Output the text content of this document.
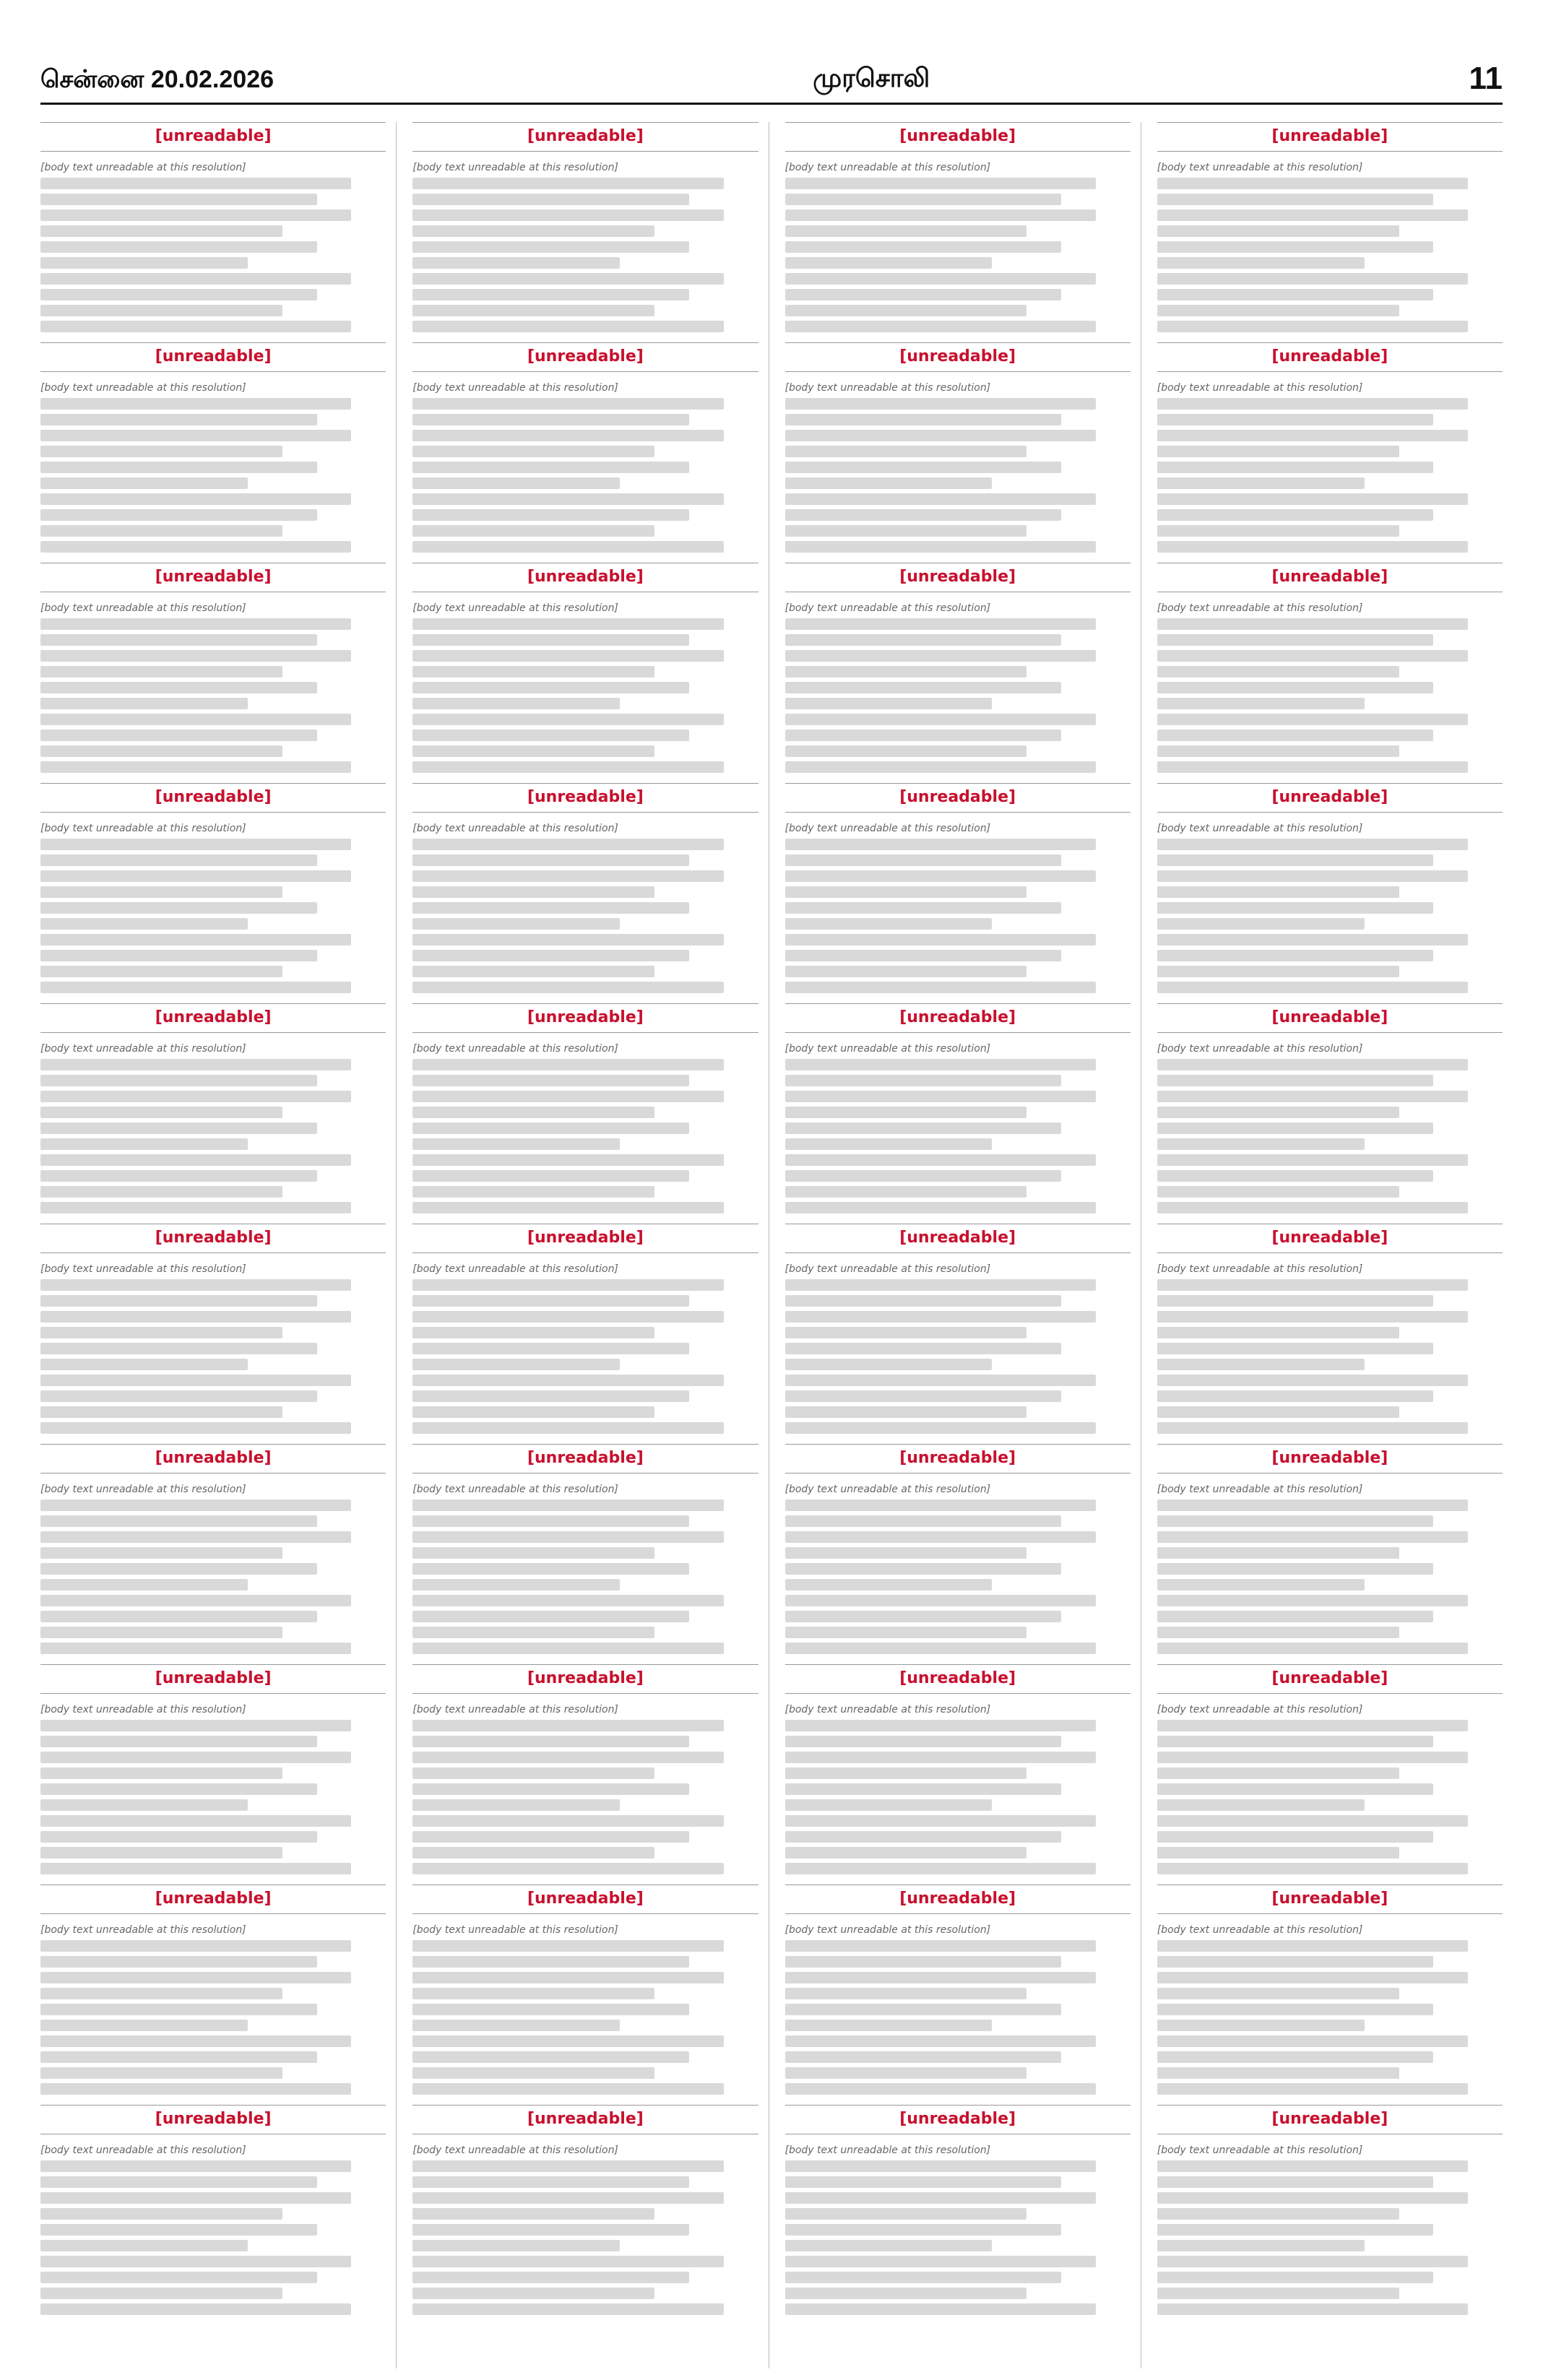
சென்னை 20.02.2026	முரசொலி	11
[unreadable]
[body text unreadable at this resolution]
[unreadable]
[body text unreadable at this resolution]
[unreadable]
[body text unreadable at this resolution]
[unreadable]
[body text unreadable at this resolution]
[unreadable]
[body text unreadable at this resolution]
[unreadable]
[body text unreadable at this resolution]
[unreadable]
[body text unreadable at this resolution]
[unreadable]
[body text unreadable at this resolution]
[unreadable]
[body text unreadable at this resolution]
[unreadable]
[body text unreadable at this resolution]
[unreadable]
[body text unreadable at this resolution]
[unreadable]
[body text unreadable at this resolution]
[unreadable]
[body text unreadable at this resolution]
[unreadable]
[body text unreadable at this resolution]
[unreadable]
[body text unreadable at this resolution]
[unreadable]
[body text unreadable at this resolution]
[unreadable]
[body text unreadable at this resolution]
[unreadable]
[body text unreadable at this resolution]
[unreadable]
[body text unreadable at this resolution]
[unreadable]
[body text unreadable at this resolution]
[unreadable]
[body text unreadable at this resolution]
[unreadable]
[body text unreadable at this resolution]
[unreadable]
[body text unreadable at this resolution]
[unreadable]
[body text unreadable at this resolution]
[unreadable]
[body text unreadable at this resolution]
[unreadable]
[body text unreadable at this resolution]
[unreadable]
[body text unreadable at this resolution]
[unreadable]
[body text unreadable at this resolution]
[unreadable]
[body text unreadable at this resolution]
[unreadable]
[body text unreadable at this resolution]
[unreadable]
[body text unreadable at this resolution]
[unreadable]
[body text unreadable at this resolution]
[unreadable]
[body text unreadable at this resolution]
[unreadable]
[body text unreadable at this resolution]
[unreadable]
[body text unreadable at this resolution]
[unreadable]
[body text unreadable at this resolution]
[unreadable]
[body text unreadable at this resolution]
[unreadable]
[body text unreadable at this resolution]
[unreadable]
[body text unreadable at this resolution]
[unreadable]
[body text unreadable at this resolution]
